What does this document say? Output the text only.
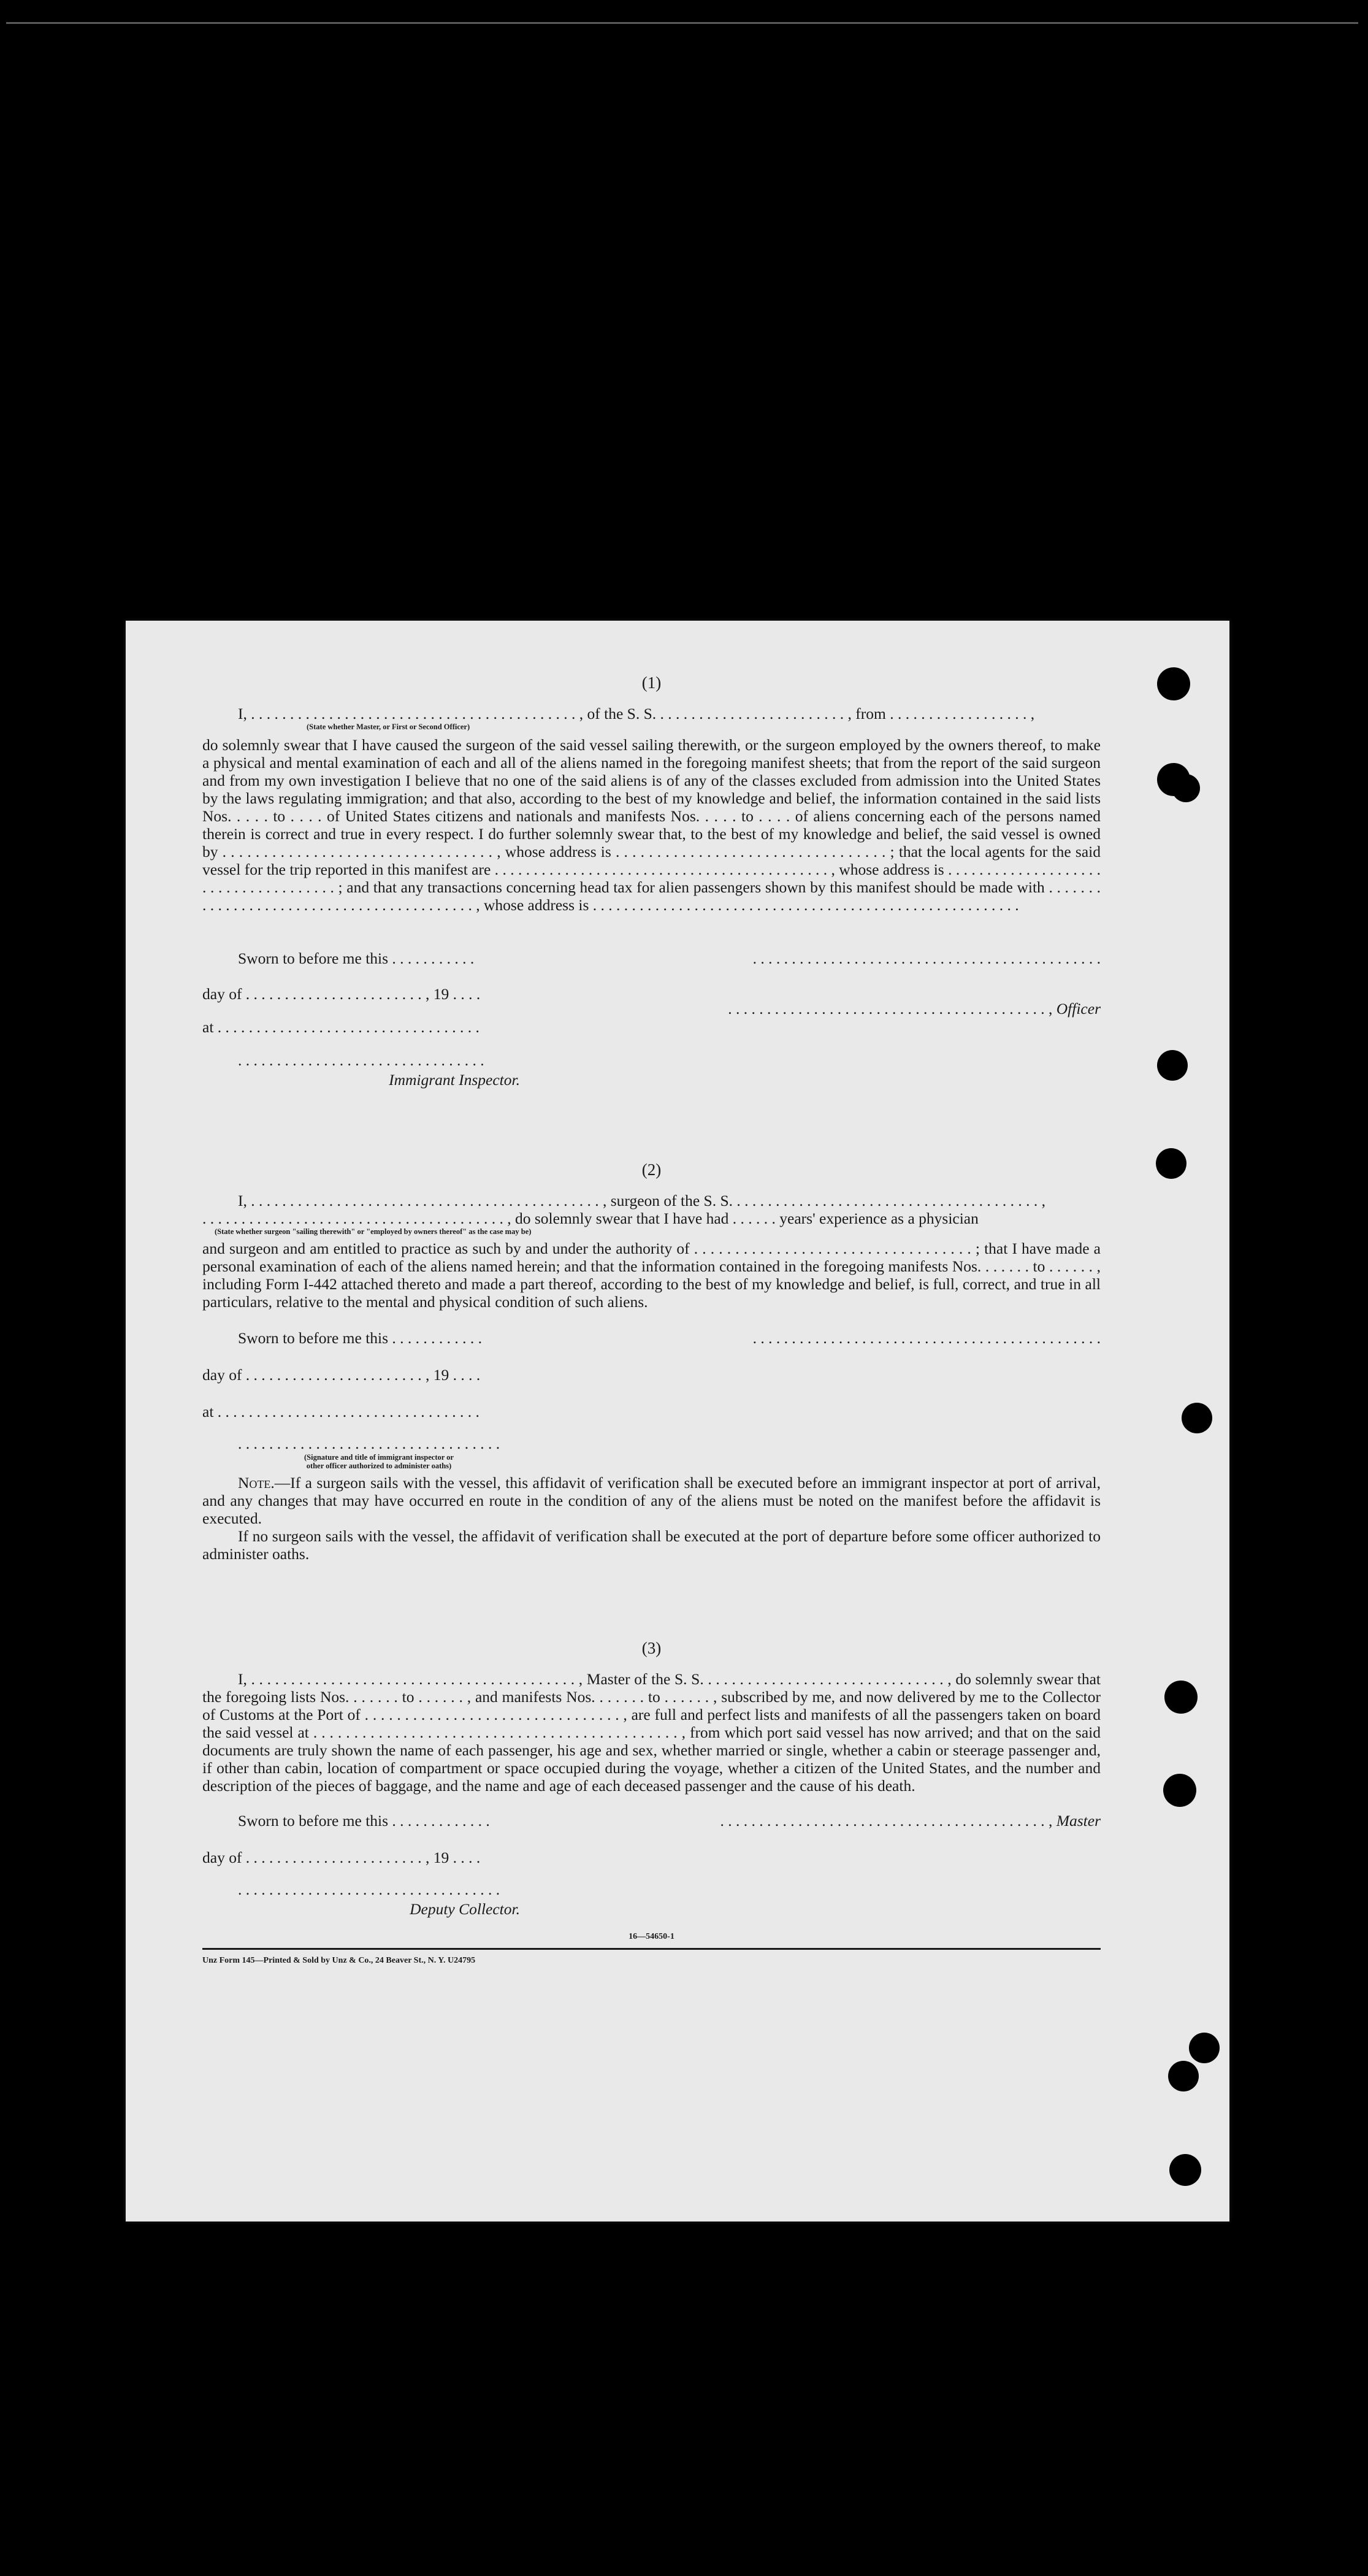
(1)
I, . . . . . . . . . . . . . . . . . . . . . . . . . . . . . . . . . . . . . . . . . . , of the S. S. . . . . . . . . . . . . . . . . . . . . . . . . , from . . . . . . . . . . . . . . . . . . ,
(State whether Master, or First or Second Officer)

do solemnly swear that I have caused the surgeon of the said vessel sailing therewith, or the surgeon employed by the owners thereof, to make a physical and mental examination of each and all of the aliens named in the foregoing manifest sheets; that from the report of the said surgeon and from my own investigation I believe that no one of the said aliens is of any of the classes excluded from admission into the United States by the laws regulating immigration; and that also, according to the best of my knowledge and belief, the information contained in the said lists Nos. . . . . to . . . . of United States citizens and nationals and manifests Nos. . . . . to . . . . of aliens concerning each of the persons named therein is correct and true in every respect. I do further solemnly swear that, to the best of my knowledge and belief, the said vessel is owned by . . . . . . . . . . . . . . . . . . . . . . . . . . . . . . . . . , whose address is . . . . . . . . . . . . . . . . . . . . . . . . . . . . . . . . . ; that the local agents for the said vessel for the trip reported in this manifest are . . . . . . . . . . . . . . . . . . . . . . . . . . . . . . . . . . . . . . . . . . . , whose address is . . . . . . . . . . . . . . . . . . . . . . . . . . . . . . . . . . . . . ; and that any transactions concerning head tax for alien passengers shown by this manifest should be made with . . . . . . . . . . . . . . . . . . . . . . . . . . . . . . . . . . . . . . . . . . , whose address is . . . . . . . . . . . . . . . . . . . . . . . . . . . . . . . . . . . . . . . . . . . . . . . . . . . . . . .

Sworn to before me this . . . . . . . . . . .	. . . . . . . . . . . . . . . . . . . . . . . . . . . . . . . . . . . . . . . . . . . . .
day of . . . . . . . . . . . . . . . . . . . . . . . , 19 . . . .
. . . . . . . . . . . . . . . . . . . . . . . . . . . . . . . . . . . . . . . . . , Officer
at . . . . . . . . . . . . . . . . . . . . . . . . . . . . . . . . . .
. . . . . . . . . . . . . . . . . . . . . . . . . . . . . . . .
Immigrant Inspector.
(2)
I, . . . . . . . . . . . . . . . . . . . . . . . . . . . . . . . . . . . . . . . . . . . . . , surgeon of the S. S. . . . . . . . . . . . . . . . . . . . . . . . . . . . . . . . . . . . . . . . ,
. . . . . . . . . . . . . . . . . . . . . . . . . . . . . . . . . . . . . . . , do solemnly swear that I have had . . . . . . years' experience as a physician
(State whether surgeon "sailing therewith" or "employed by owners thereof" as the case may be)

and surgeon and am entitled to practice as such by and under the authority of . . . . . . . . . . . . . . . . . . . . . . . . . . . . . . . . . . ; that I have made a personal examination of each of the aliens named herein; and that the information contained in the foregoing manifests Nos. . . . . . . to . . . . . . , including Form I-442 attached thereto and made a part thereof, according to the best of my knowledge and belief, is full, correct, and true in all particulars, relative to the mental and physical condition of such aliens.

Sworn to before me this . . . . . . . . . . . .	. . . . . . . . . . . . . . . . . . . . . . . . . . . . . . . . . . . . . . . . . . . . .
day of . . . . . . . . . . . . . . . . . . . . . . . , 19 . . . .
at . . . . . . . . . . . . . . . . . . . . . . . . . . . . . . . . . .
. . . . . . . . . . . . . . . . . . . . . . . . . . . . . . . . . .
(Signature and title of immigrant inspector or
other officer authorized to administer oaths)

Note.—If a surgeon sails with the vessel, this affidavit of verification shall be executed before an immigrant inspector at port of arrival, and any changes that may have occurred en route in the condition of any of the aliens must be noted on the manifest before the affidavit is executed.

If no surgeon sails with the vessel, the affidavit of verification shall be executed at the port of departure before some officer authorized to administer oaths.

(3)

I, . . . . . . . . . . . . . . . . . . . . . . . . . . . . . . . . . . . . . . . . . , Master of the S. S. . . . . . . . . . . . . . . . . . . . . . . . . . . . . . . , do solemnly swear that the foregoing lists Nos. . . . . . . to . . . . . . , and manifests Nos. . . . . . . to . . . . . . , subscribed by me, and now delivered by me to the Collector of Customs at the Port of . . . . . . . . . . . . . . . . . . . . . . . . . . . . . . . . , are full and perfect lists and manifests of all the passengers taken on board the said vessel at . . . . . . . . . . . . . . . . . . . . . . . . . . . . . . . . . . . . . . . . . . . . . , from which port said vessel has now arrived; and that on the said documents are truly shown the name of each passenger, his age and sex, whether married or single, whether a cabin or steerage passenger and, if other than cabin, location of compartment or space occupied during the voyage, whether a citizen of the United States, and the number and description of the pieces of baggage, and the name and age of each deceased passenger and the cause of his death.

Sworn to before me this . . . . . . . . . . . . .	. . . . . . . . . . . . . . . . . . . . . . . . . . . . . . . . . . . . . . . . . . , Master
day of . . . . . . . . . . . . . . . . . . . . . . . , 19 . . . .
. . . . . . . . . . . . . . . . . . . . . . . . . . . . . . . . . .
Deputy Collector.
16—54650-1
Unz Form 145—Printed & Sold by Unz & Co., 24 Beaver St., N. Y. U24795
